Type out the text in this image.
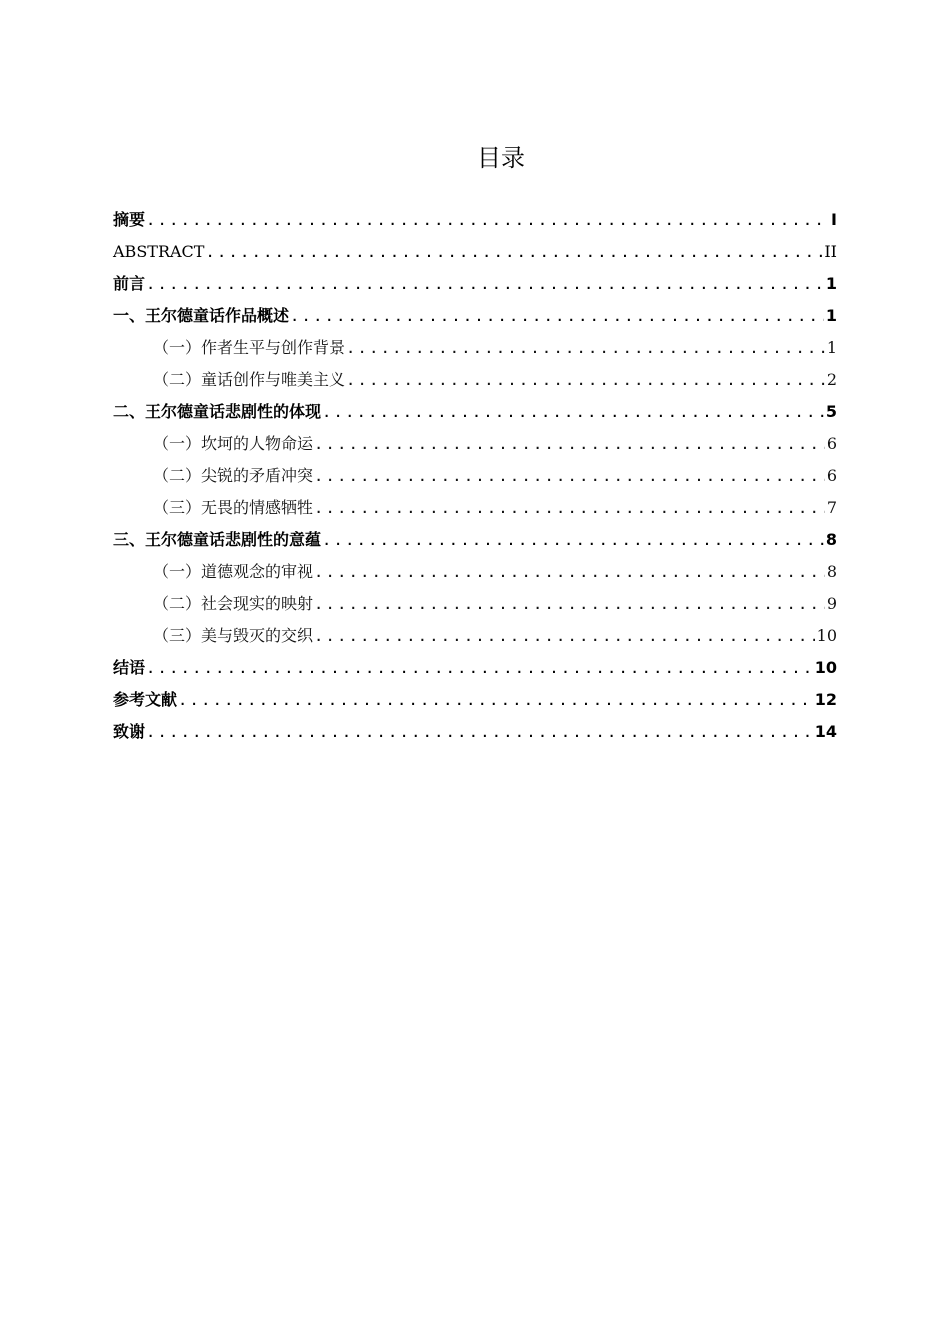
目录
摘要 .....	I
ABSTRACT .....	II
前言 .....	1
一、 王尔德童话作品概述 .....	1
（一）作者生平与创作背景 .....	1
（二）童话创作与唯美主义 .....	2
二、 王尔德童话悲剧性的体现 .....	5
（一）坎坷的人物命运 .....	6
（二）尖锐的矛盾冲突 .....	6
（三）无畏的情感牺牲 .....	7
三、 王尔德童话悲剧性的意蕴 .....	8
（一）道德观念的审视 .....	8
（二）社会现实的映射 .....	9
（三）美与毁灭的交织 .....	10
结语 .....	10
参考文献 .....	12
致谢 .....	14
